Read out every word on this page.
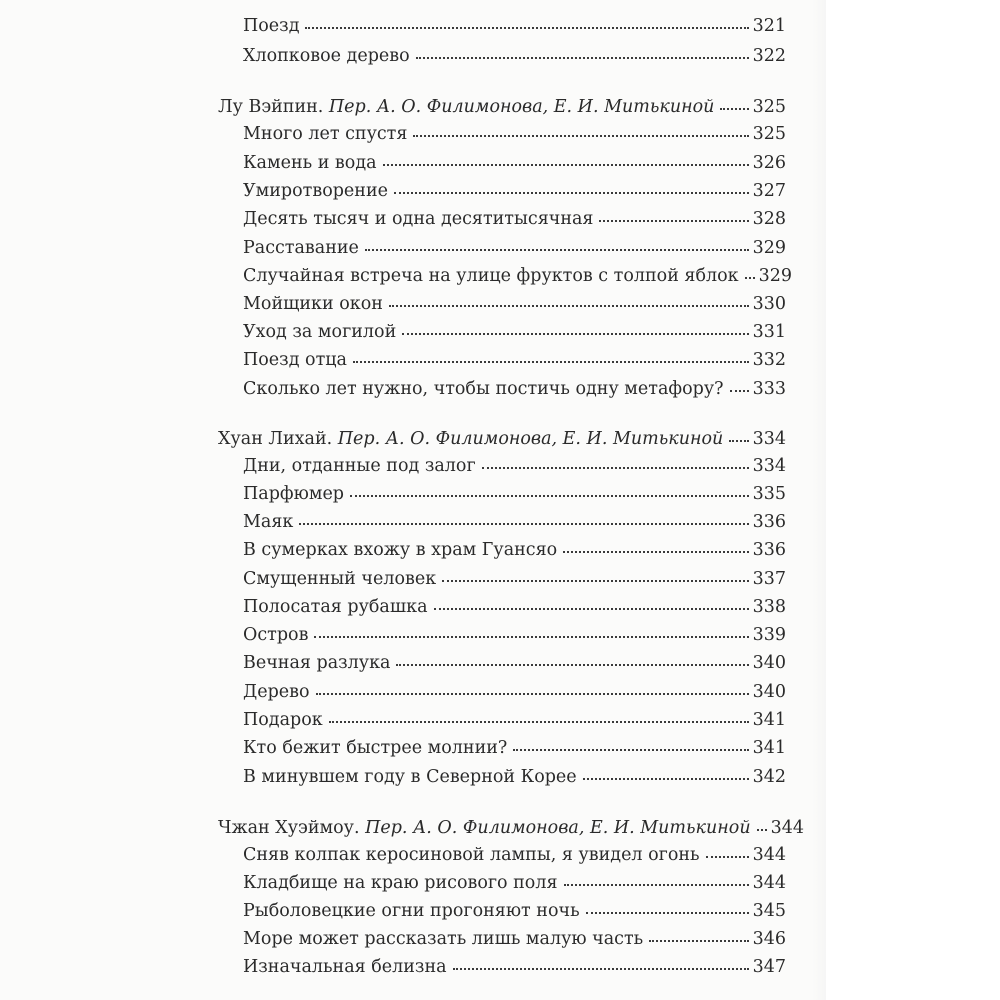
Поезд	321
Хлопковое дерево	322
Лу Вэйпин. Пер. А. О. Филимонова, Е. И. Митькиной 325
Много лет спустя	325
Камень и вода	326
Умиротворение	327
Десять тысяч и одна десятитысячная	328
Расставание	329
Случайная встреча на улице фруктов с толпой яблок 329
Мойщики окон	330
Уход за могилой	331
Поезд отца	332
Сколько лет нужно, чтобы постичь одну метафору? 333
Хуан Лихай. Пер. А. О. Филимонова, Е. И. Митькиной 334
Дни, отданные под залог	334
Парфюмер	335
Маяк	336
В сумерках вхожу в храм Гуансяо	336
Смущенный человек	337
Полосатая рубашка	338
Остров	339
Вечная разлука	340
Дерево	340
Подарок	341
Кто бежит быстрее молнии?	341
В минувшем году в Северной Корее	342
Чжан Хуэймоу. Пер. А. О. Филимонова, Е. И. Митькиной 344
Сняв колпак керосиновой лампы, я увидел огонь	344
Кладбище на краю рисового поля	344
Рыболовецкие огни прогоняют ночь	345
Море может рассказать лишь малую часть	346
Изначальная белизна	347
